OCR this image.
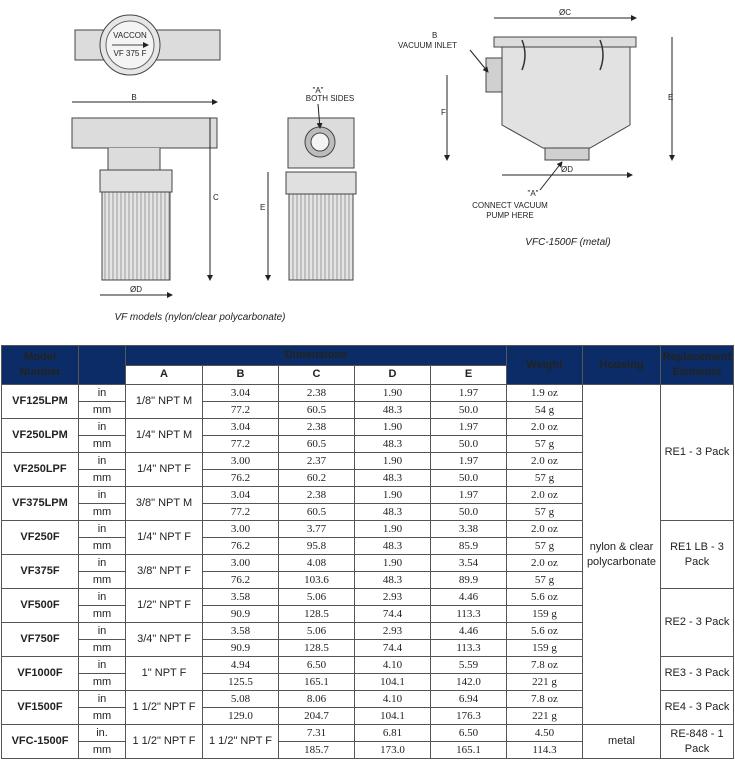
VACCON
VF 375 F
B
C
ØD
VF models (nylon/clear polycarbonate)
"A"
BOTH SIDES
E
ØC
E
F
B
VACUUM INLET
ØD
"A"
CONNECT VACUUM
PUMP HERE
VFC-1500F (metal)
Model Number		Dimensions					Weight	Housing	Replacement Elements
		A	B	C	D	E			
VF125LPM	in	1/8" NPT M	3.04	2.38	1.90	1.97	1.9 oz	nylon & clear polycarbonate	RE1 - 3 Pack
	mm		77.2	60.5	48.3	50.0	54 g		
VF250LPM	in	1/4" NPT M	3.04	2.38	1.90	1.97	2.0 oz		
	mm		77.2	60.5	48.3	50.0	57 g		
VF250LPF	in	1/4" NPT F	3.00	2.37	1.90	1.97	2.0 oz		
	mm		76.2	60.2	48.3	50.0	57 g		
VF375LPM	in	3/8" NPT M	3.04	2.38	1.90	1.97	2.0 oz		
	mm		77.2	60.5	48.3	50.0	57 g		
VF250F	in	1/4" NPT F	3.00	3.77	1.90	3.38	2.0 oz		RE1 LB - 3 Pack
	mm		76.2	95.8	48.3	85.9	57 g		
VF375F	in	3/8" NPT F	3.00	4.08	1.90	3.54	2.0 oz		
	mm		76.2	103.6	48.3	89.9	57 g		
VF500F	in	1/2" NPT F	3.58	5.06	2.93	4.46	5.6 oz		RE2 - 3 Pack
	mm		90.9	128.5	74.4	113.3	159 g		
VF750F	in	3/4" NPT F	3.58	5.06	2.93	4.46	5.6 oz		
	mm		90.9	128.5	74.4	113.3	159 g		
VF1000F	in	1" NPT F	4.94	6.50	4.10	5.59	7.8 oz		RE3 - 3 Pack
	mm		125.5	165.1	104.1	142.0	221 g		
VF1500F	in	1 1/2" NPT F	5.08	8.06	4.10	6.94	7.8 oz		RE4 - 3 Pack
	mm		129.0	204.7	104.1	176.3	221 g		
VFC-1500F	in.	1 1/2" NPT F	1 1/2" NPT F	7.31	6.81	6.50	4.50	metal	RE-848 - 1 Pack
	mm			185.7	173.0	165.1	114.3		
